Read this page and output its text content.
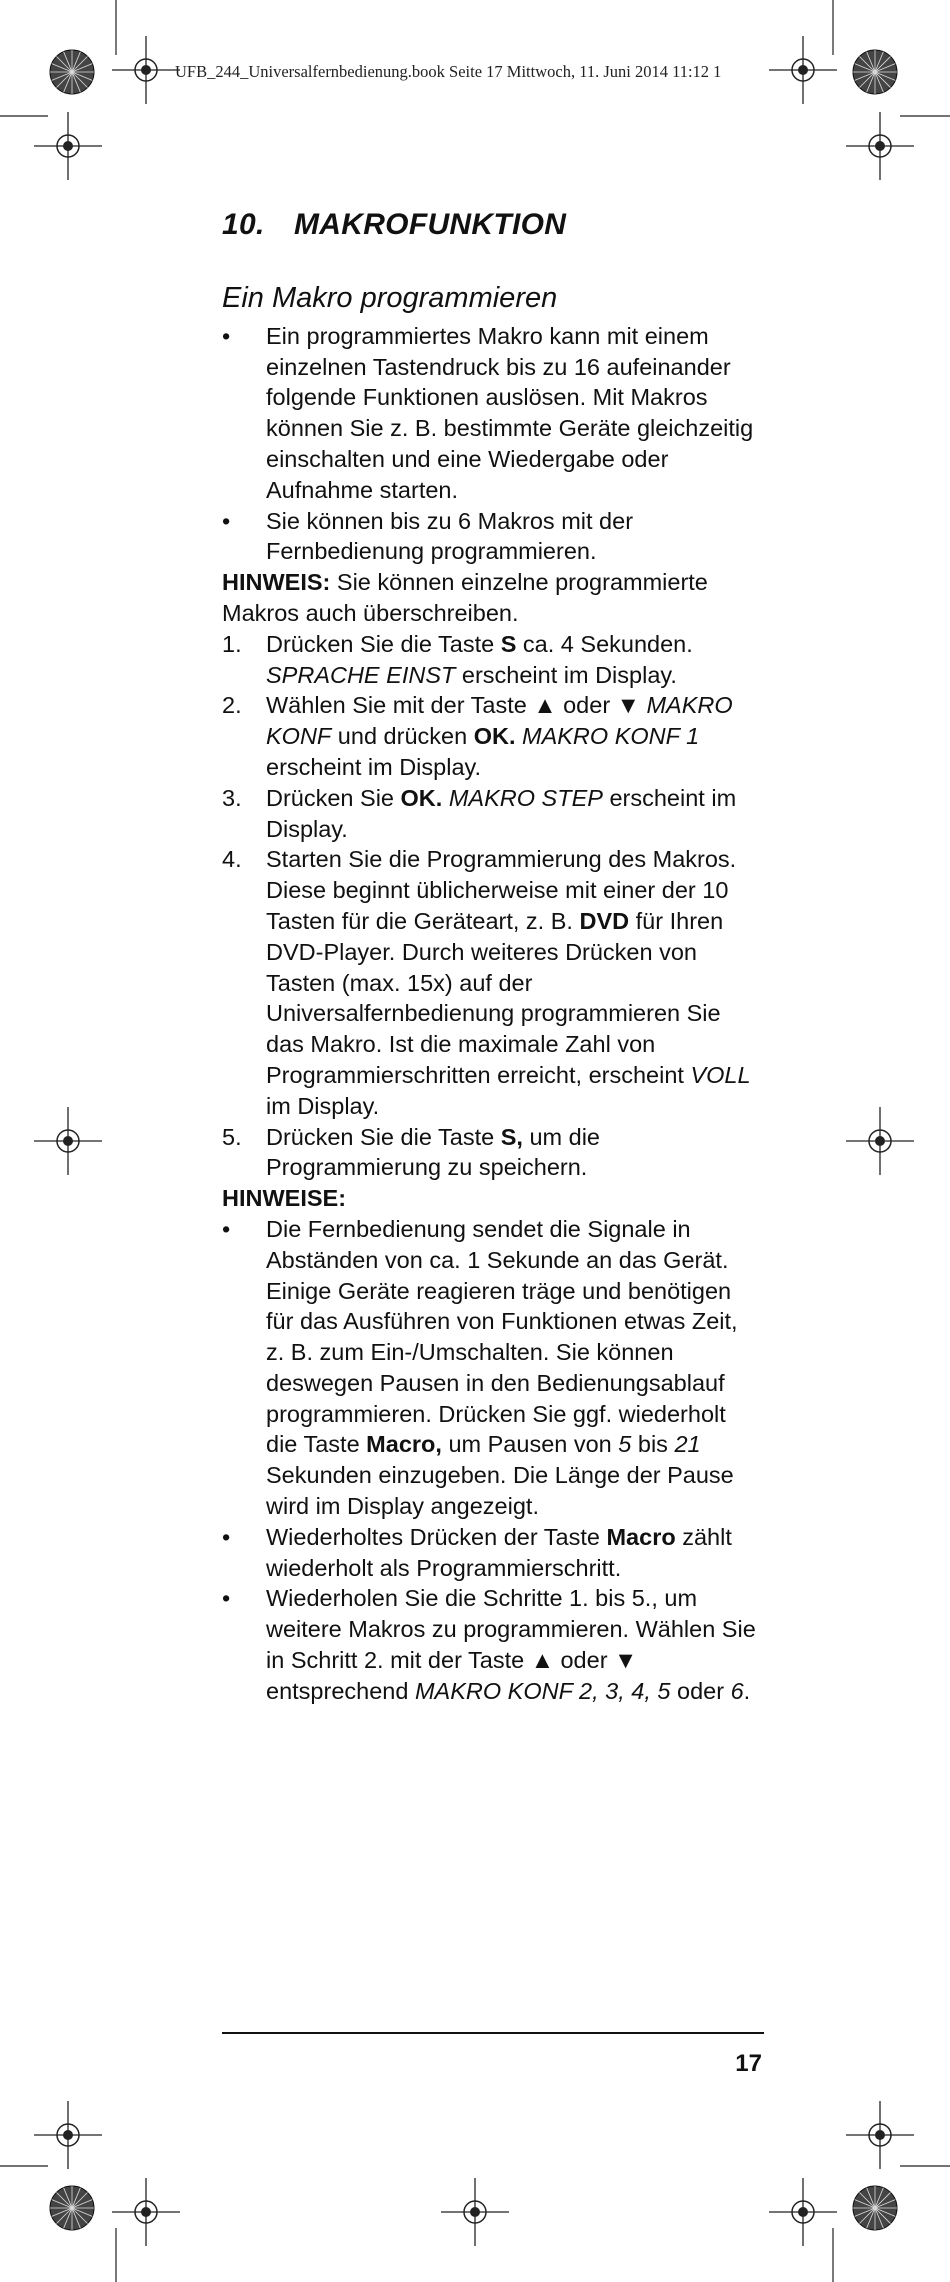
UFB_244_Universalfernbedienung.book Seite 17 Mittwoch, 11. Juni 2014 11:12 1
10. MAKROFUNKTION
Ein Makro programmieren
• Ein programmiertes Makro kann mit einem einzelnen Tastendruck bis zu 16 aufeinander folgende Funktionen auslösen. Mit Makros können Sie z. B. bestimmte Geräte gleichzeitig einschalten und eine Wiedergabe oder Aufnahme starten.
• Sie können bis zu 6 Makros mit der Fernbedienung programmieren.
HINWEIS: Sie können einzelne programmierte Makros auch überschreiben.
1. Drücken Sie die Taste S ca. 4 Sekunden. SPRACHE EINST erscheint im Display.
2. Wählen Sie mit der Taste ▲ oder ▼ MAKRO KONF und drücken OK. MAKRO KONF 1 erscheint im Display.
3. Drücken Sie OK. MAKRO STEP erscheint im Display.
4. Starten Sie die Programmierung des Makros. Diese beginnt üblicherweise mit einer der 10 Tasten für die Geräteart, z. B. DVD für Ihren DVD-Player. Durch weiteres Drücken von Tasten (max. 15x) auf der Universalfernbedienung programmieren Sie das Makro. Ist die maximale Zahl von Programmierschritten erreicht, erscheint VOLL im Display.
5. Drücken Sie die Taste S, um die Programmierung zu speichern.
HINWEISE:
• Die Fernbedienung sendet die Signale in Abständen von ca. 1 Sekunde an das Gerät. Einige Geräte reagieren träge und benötigen für das Ausführen von Funktionen etwas Zeit, z. B. zum Ein-/Umschalten. Sie können deswegen Pausen in den Bedienungsablauf programmieren. Drücken Sie ggf. wiederholt die Taste Macro, um Pausen von 5 bis 21 Sekunden einzugeben. Die Länge der Pause wird im Display angezeigt.
• Wiederholtes Drücken der Taste Macro zählt wiederholt als Programmierschritt.
• Wiederholen Sie die Schritte 1. bis 5., um weitere Makros zu programmieren. Wählen Sie in Schritt 2. mit der Taste ▲ oder ▼ entsprechend MAKRO KONF 2, 3, 4, 5 oder 6.
17
